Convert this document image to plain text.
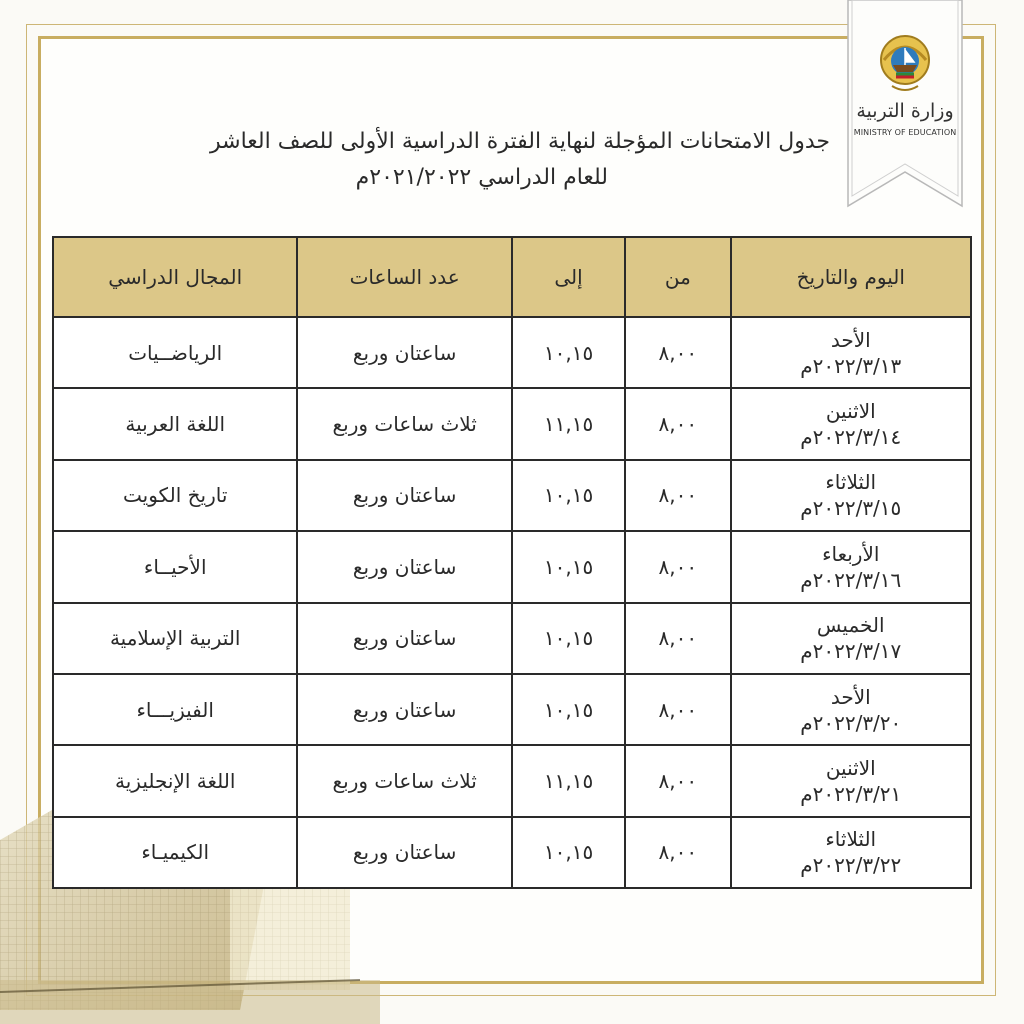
وزارة التربية
MINISTRY OF EDUCATION
جدول الامتحانات المؤجلة لنهاية الفترة الدراسية الأولى للصف العاشر
للعام الدراسي ٢٠٢١/٢٠٢٢م
اليوم والتاريخ	من	إلى	عدد الساعات	المجال الدراسي

الأحد
٢٠٢٢/٣/١٣م	٨,٠٠	١٠,١٥	ساعتان وربع	الرياضــيات

الاثنين
٢٠٢٢/٣/١٤م	٨,٠٠	١١,١٥	ثلاث ساعات وربع	اللغة العربية

الثلاثاء
٢٠٢٢/٣/١٥م	٨,٠٠	١٠,١٥	ساعتان وربع	تاريخ الكويت

الأربعاء
٢٠٢٢/٣/١٦م	٨,٠٠	١٠,١٥	ساعتان وربع	الأحيــاء

الخميس
٢٠٢٢/٣/١٧م	٨,٠٠	١٠,١٥	ساعتان وربع	التربية الإسلامية

الأحد
٢٠٢٢/٣/٢٠م	٨,٠٠	١٠,١٥	ساعتان وربع	الفيزيـــاء

الاثنين
٢٠٢٢/٣/٢١م	٨,٠٠	١١,١٥	ثلاث ساعات وربع	اللغة الإنجليزية

الثلاثاء
٢٠٢٢/٣/٢٢م	٨,٠٠	١٠,١٥	ساعتان وربع	الكيميـاء
